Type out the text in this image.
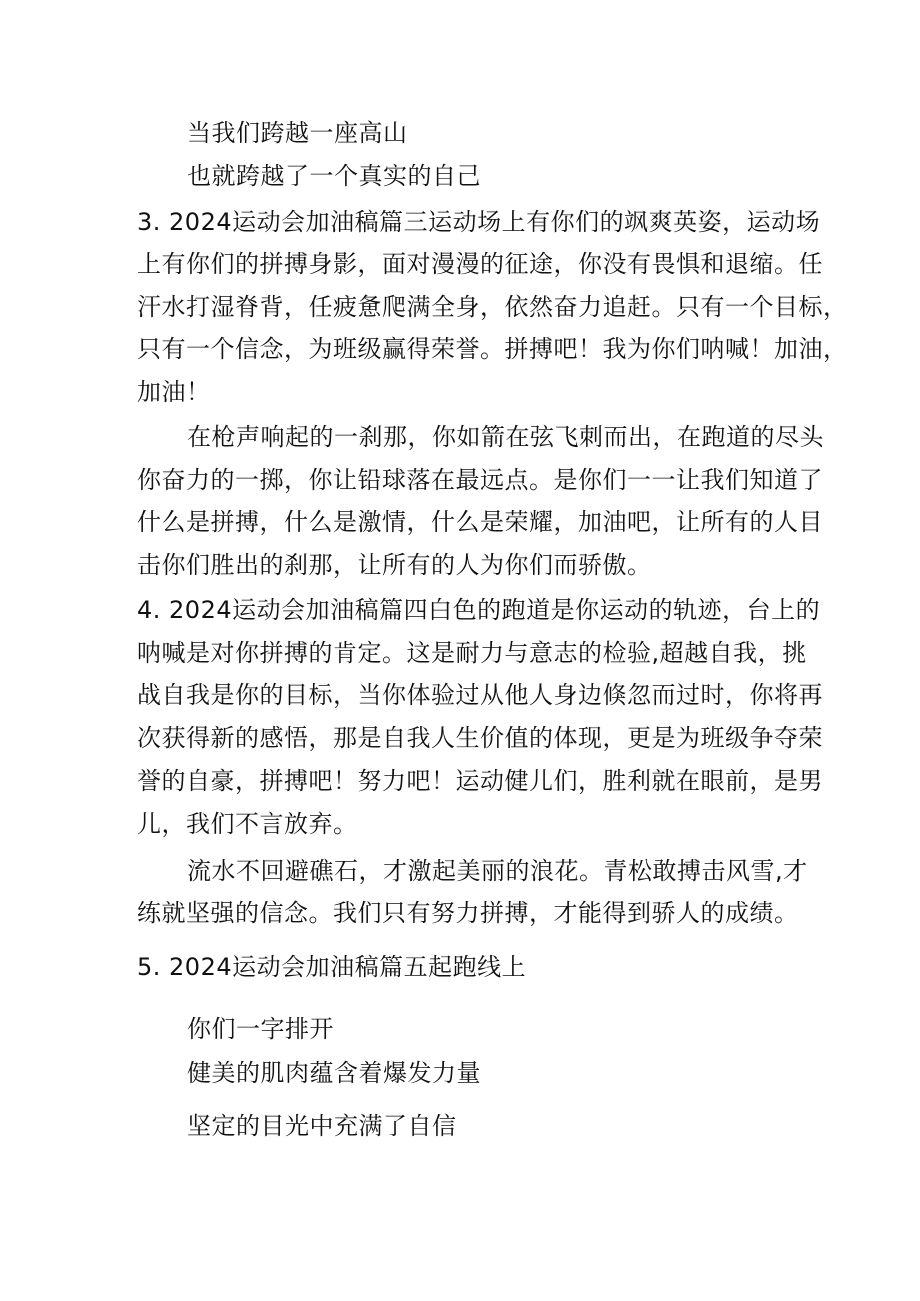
当我们跨越一座高山
也就跨越了一个真实的自己
3. 2024运动会加油稿篇三运动场上有你们的飒爽英姿，运动场
上有你们的拼搏身影，面对漫漫的征途，你没有畏惧和退缩。任
汗水打湿脊背，任疲惫爬满全身，依然奋力追赶。只有一个目标，
只有一个信念，为班级赢得荣誉。拼搏吧！我为你们呐喊！加油，
加油！
在枪声响起的一刹那，你如箭在弦飞刺而出，在跑道的尽头
你奋力的一掷，你让铅球落在最远点。是你们一一让我们知道了
什么是拼搏，什么是激情，什么是荣耀，加油吧，让所有的人目
击你们胜出的刹那，让所有的人为你们而骄傲。
4. 2024运动会加油稿篇四白色的跑道是你运动的轨迹，台上的
呐喊是对你拼搏的肯定。这是耐力与意志的检验,超越自我，挑
战自我是你的目标，当你体验过从他人身边倏忽而过时，你将再
次获得新的感悟，那是自我人生价值的体现，更是为班级争夺荣
誉的自豪，拼搏吧！努力吧！运动健儿们，胜利就在眼前，是男
儿，我们不言放弃。
流水不回避礁石，才激起美丽的浪花。青松敢搏击风雪,才
练就坚强的信念。我们只有努力拼搏，才能得到骄人的成绩。
5. 2024运动会加油稿篇五起跑线上
你们一字排开
健美的肌肉蕴含着爆发力量
坚定的目光中充满了自信
